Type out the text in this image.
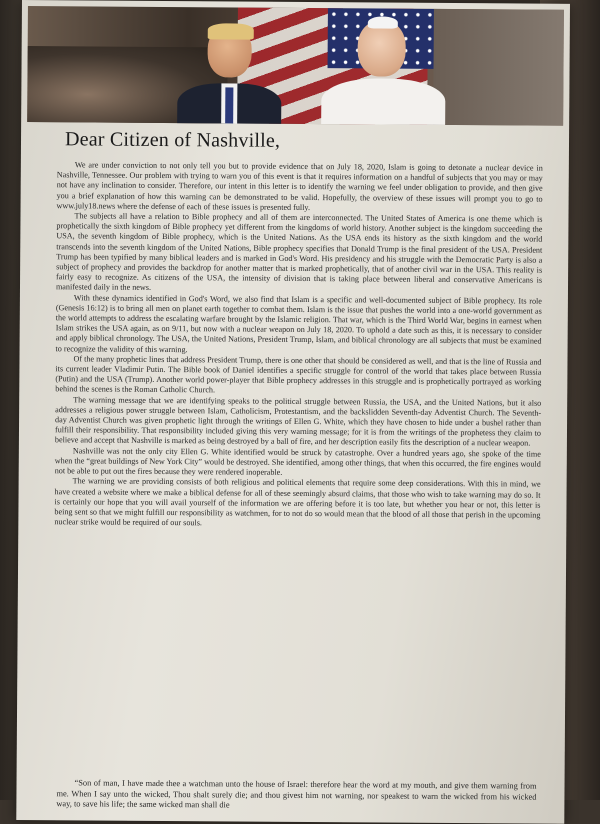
Dear Citizen of Nashville,

We are under conviction to not only tell you but to provide evidence that on July 18, 2020, Islam is going to detonate a nuclear device in Nashville, Tennessee. Our problem with trying to warn you of this event is that it requires information on a handful of subjects that you may or may not have any inclination to consider. Therefore, our intent in this letter is to identify the warning we feel under obligation to provide, and then give you a brief explanation of how this warning can be demonstrated to be valid. Hopefully, the overview of these issues will prompt you to go to www.july18.news where the defense of each of these issues is presented fully.

The subjects all have a relation to Bible prophecy and all of them are interconnected. The United States of America is one theme which is prophetically the sixth kingdom of Bible prophecy yet different from the kingdoms of world history. Another subject is the kingdom succeeding the USA, the seventh kingdom of Bible prophecy, which is the United Nations. As the USA ends its history as the sixth kingdom and the world transcends into the seventh kingdom of the United Nations, Bible prophecy specifies that Donald Trump is the final president of the USA. President Trump has been typified by many biblical leaders and is marked in God's Word. His presidency and his struggle with the Democratic Party is also a subject of prophecy and provides the backdrop for another matter that is marked prophetically, that of another civil war in the USA. This reality is fairly easy to recognize. As citizens of the USA, the intensity of division that is taking place between liberal and conservative Americans is manifested daily in the news.

With these dynamics identified in God's Word, we also find that Islam is a specific and well-documented subject of Bible prophecy. Its role (Genesis 16:12) is to bring all men on planet earth together to combat them. Islam is the issue that pushes the world into a one-world government as the world attempts to address the escalating warfare brought by the Islamic religion. That war, which is the Third World War, begins in earnest when Islam strikes the USA again, as on 9/11, but now with a nuclear weapon on July 18, 2020. To uphold a date such as this, it is necessary to consider and apply biblical chronology. The USA, the United Nations, President Trump, Islam, and biblical chronology are all subjects that must be examined to recognize the validity of this warning.

Of the many prophetic lines that address President Trump, there is one other that should be considered as well, and that is the line of Russia and its current leader Vladimir Putin. The Bible book of Daniel identifies a specific struggle for control of the world that takes place between Russia (Putin) and the USA (Trump). Another world power-player that Bible prophecy addresses in this struggle and is prophetically portrayed as working behind the scenes is the Roman Catholic Church.

The warning message that we are identifying speaks to the political struggle between Russia, the USA, and the United Nations, but it also addresses a religious power struggle between Islam, Catholicism, Protestantism, and the backslidden Seventh-day Adventist Church. The Seventh-day Adventist Church was given prophetic light through the writings of Ellen G. White, which they have chosen to hide under a bushel rather than fulfill their responsibility. That responsibility included giving this very warning message; for it is from the writings of the prophetess they claim to believe and accept that Nashville is marked as being destroyed by a ball of fire, and her description easily fits the description of a nuclear weapon.

Nashville was not the only city Ellen G. White identified would be struck by catastrophe. Over a hundred years ago, she spoke of the time when the “great buildings of New York City” would be destroyed. She identified, among other things, that when this occurred, the fire engines would not be able to put out the fires because they were rendered inoperable.

The warning we are providing consists of both religious and political elements that require some deep considerations. With this in mind, we have created a website where we make a biblical defense for all of these seemingly absurd claims, that those who wish to take warning may do so. It is certainly our hope that you will avail yourself of the information we are offering before it is too late, but whether you hear or not, this letter is being sent so that we might fulfill our responsibility as watchmen, for to not do so would mean that the blood of all those that perish in the upcoming nuclear strike would be required of our souls.

“Son of man, I have made thee a watchman unto the house of Israel: therefore hear the word at my mouth, and give them warning from me. When I say unto the wicked, Thou shalt surely die; and thou givest him not warning, nor speakest to warn the wicked from his wicked way, to save his life; the same wicked man shall die
